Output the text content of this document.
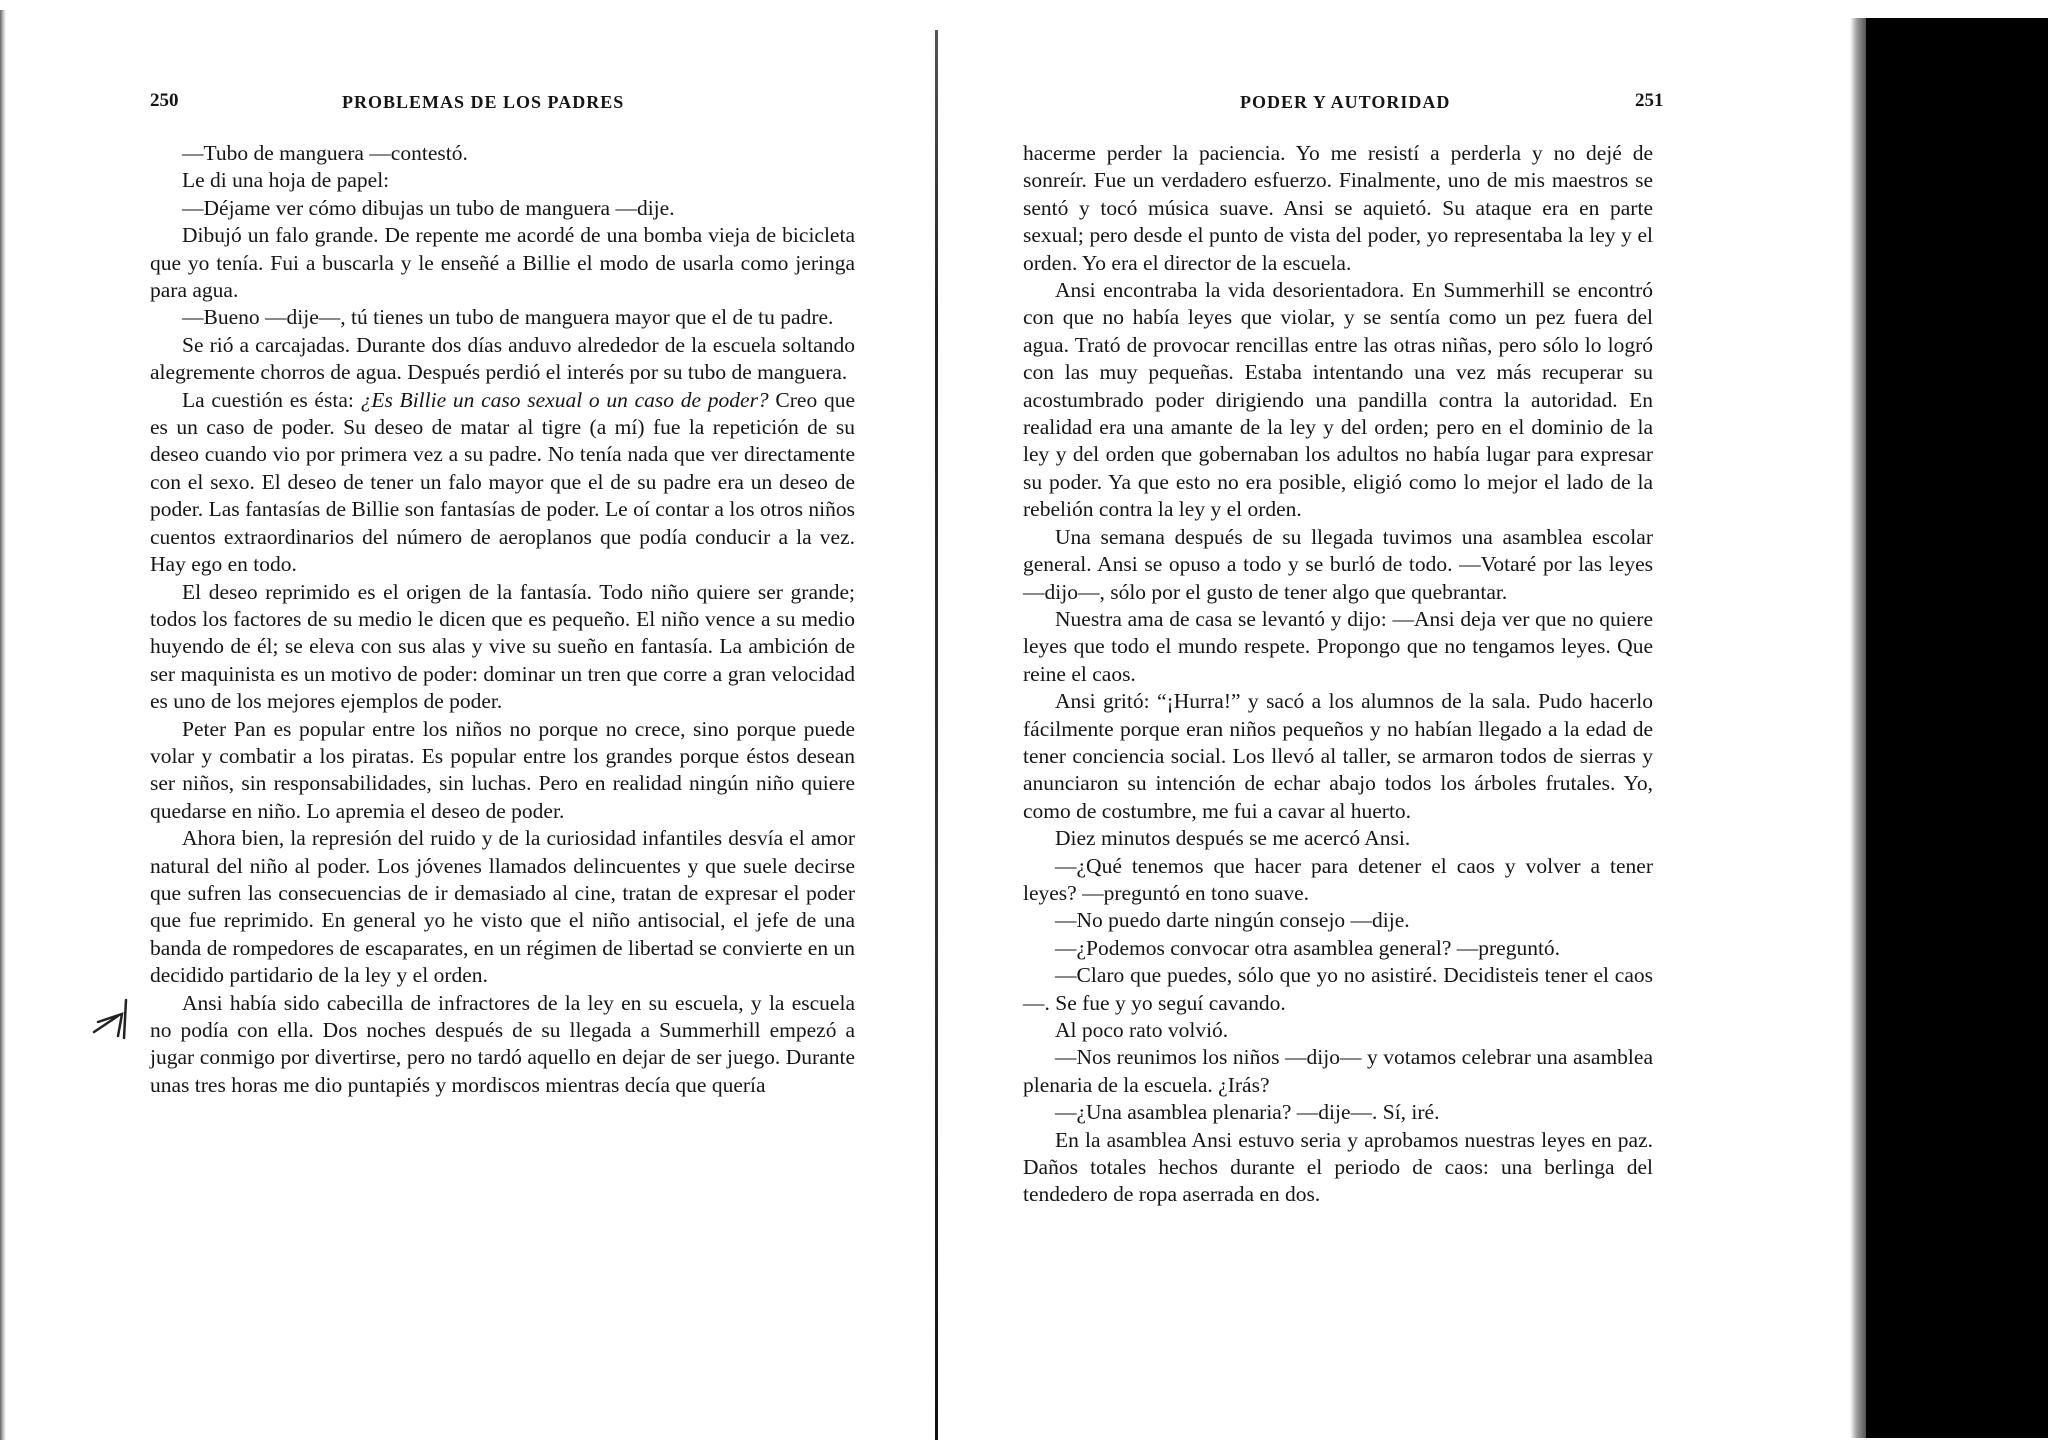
250	PROBLEMAS DE LOS PADRES

—Tubo de manguera —contestó.

Le di una hoja de papel:

—Déjame ver cómo dibujas un tubo de manguera —dije.

Dibujó un falo grande. De repente me acordé de una bomba vieja de bicicleta que yo tenía. Fui a buscarla y le enseñé a Billie el modo de usarla como jeringa para agua.

—Bueno —dije—, tú tienes un tubo de manguera mayor que el de tu padre.

Se rió a carcajadas. Durante dos días anduvo alrededor de la escuela soltando alegremente chorros de agua. Después perdió el interés por su tubo de manguera.

La cuestión es ésta: ¿Es Billie un caso sexual o un caso de poder? Creo que es un caso de poder. Su deseo de matar al tigre (a mí) fue la repetición de su deseo cuando vio por primera vez a su padre. No tenía nada que ver directamente con el sexo. El deseo de tener un falo mayor que el de su padre era un deseo de poder. Las fantasías de Billie son fantasías de poder. Le oí contar a los otros niños cuentos extraordinarios del número de aeroplanos que podía conducir a la vez. Hay ego en todo.

El deseo reprimido es el origen de la fantasía. Todo niño quiere ser grande; todos los factores de su medio le dicen que es pequeño. El niño vence a su medio huyendo de él; se eleva con sus alas y vive su sueño en fantasía. La ambición de ser maquinista es un motivo de poder: dominar un tren que corre a gran velocidad es uno de los mejores ejemplos de poder.

Peter Pan es popular entre los niños no porque no crece, sino porque puede volar y combatir a los piratas. Es popular entre los grandes porque éstos desean ser niños, sin responsabilidades, sin luchas. Pero en realidad ningún niño quiere quedarse en niño. Lo apremia el deseo de poder.

Ahora bien, la represión del ruido y de la curiosidad infantiles desvía el amor natural del niño al poder. Los jóvenes llamados delincuentes y que suele decirse que sufren las consecuencias de ir demasiado al cine, tratan de expresar el poder que fue reprimido. En general yo he visto que el niño antisocial, el jefe de una banda de rompedores de escaparates, en un régimen de libertad se convierte en un decidido partidario de la ley y el orden.

Ansi había sido cabecilla de infractores de la ley en su escuela, y la escuela no podía con ella. Dos noches después de su llegada a Summerhill empezó a jugar conmigo por divertirse, pero no tardó aquello en dejar de ser juego. Durante unas tres horas me dio puntapiés y mordiscos mientras decía que quería

PODER Y AUTORIDAD	251

hacerme perder la paciencia. Yo me resistí a perderla y no dejé de sonreír. Fue un verdadero esfuerzo. Finalmente, uno de mis maestros se sentó y tocó música suave. Ansi se aquietó. Su ataque era en parte sexual; pero desde el punto de vista del poder, yo representaba la ley y el orden. Yo era el director de la escuela.

Ansi encontraba la vida desorientadora. En Summerhill se encontró con que no había leyes que violar, y se sentía como un pez fuera del agua. Trató de provocar rencillas entre las otras niñas, pero sólo lo logró con las muy pequeñas. Estaba intentando una vez más recuperar su acostumbrado poder dirigiendo una pandilla contra la autoridad. En realidad era una amante de la ley y del orden; pero en el dominio de la ley y del orden que gobernaban los adultos no había lugar para expresar su poder. Ya que esto no era posible, eligió como lo mejor el lado de la rebelión contra la ley y el orden.

Una semana después de su llegada tuvimos una asamblea escolar general. Ansi se opuso a todo y se burló de todo. —Votaré por las leyes —dijo—, sólo por el gusto de tener algo que quebrantar.

Nuestra ama de casa se levantó y dijo: —Ansi deja ver que no quiere leyes que todo el mundo respete. Propongo que no tengamos leyes. Que reine el caos.

Ansi gritó: “¡Hurra!” y sacó a los alumnos de la sala. Pudo hacerlo fácilmente porque eran niños pequeños y no habían llegado a la edad de tener conciencia social. Los llevó al taller, se armaron todos de sierras y anunciaron su intención de echar abajo todos los árboles frutales. Yo, como de costumbre, me fui a cavar al huerto.

Diez minutos después se me acercó Ansi.

—¿Qué tenemos que hacer para detener el caos y volver a tener leyes? —preguntó en tono suave.

—No puedo darte ningún consejo —dije.

—¿Podemos convocar otra asamblea general? —preguntó.

—Claro que puedes, sólo que yo no asistiré. Decidisteis tener el caos—. Se fue y yo seguí cavando.

Al poco rato volvió.

—Nos reunimos los niños —dijo— y votamos celebrar una asamblea plenaria de la escuela. ¿Irás?

—¿Una asamblea plenaria? —dije—. Sí, iré.

En la asamblea Ansi estuvo seria y aprobamos nuestras leyes en paz. Daños totales hechos durante el periodo de caos: una berlinga del tendedero de ropa aserrada en dos.
